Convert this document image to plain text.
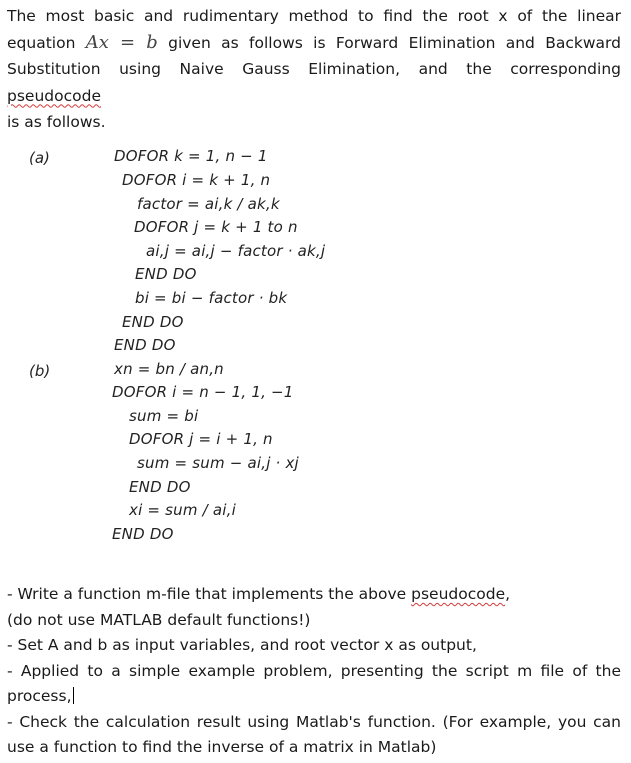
The most basic and rudimentary method to find the root x of the linear
equation Ax = b given as follows is Forward Elimination and Backward
Substitution using Naive Gauss Elimination, and the corresponding pseudocode
is as follows.
(a)
(b)
DOFOR k = 1, n − 1
DOFOR i = k + 1, n
factor = ai,k / ak,k
DOFOR j = k + 1 to n
ai,j = ai,j − factor · ak,j
END DO
bi = bi − factor · bk
END DO
END DO
xn = bn / an,n
DOFOR i = n − 1, 1, −1
sum = bi
DOFOR j = i + 1, n
sum = sum − ai,j · xj
END DO
xi = sum / ai,i
END DO
- Write a function m-file that implements the above pseudocode,
(do not use MATLAB default functions!)
- Set A and b as input variables, and root vector x as output,
- Applied to a simple example problem, presenting the script m file of the
process,
- Check the calculation result using Matlab's function. (For example, you can
use a function to find the inverse of a matrix in Matlab)
